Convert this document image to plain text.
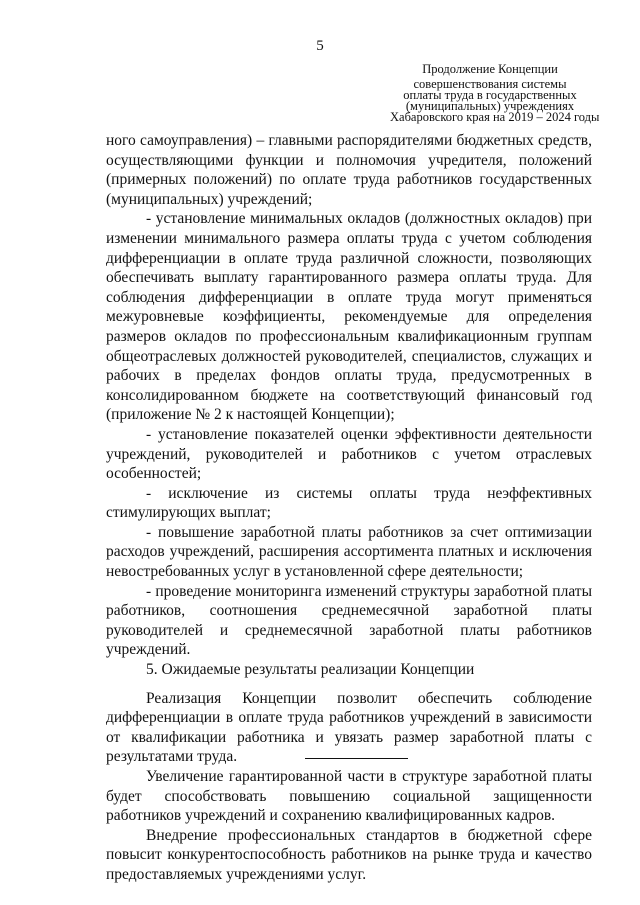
5
Продолжение Концепции
совершенствования системы
оплаты труда в государственных
(муниципальных) учреждениях
Хабаровского края на 2019 – 2024 годы

ного самоуправления) – главными распорядителями бюджетных средств, осуществляющими функции и полномочия учредителя, положений (примерных положений) по оплате труда работников государственных (муниципальных) учреждений;

- установление минимальных окладов (должностных окладов) при изменении минимального размера оплаты труда с учетом соблюдения дифференциации в оплате труда различной сложности, позволяющих обеспечивать выплату гарантированного размера оплаты труда. Для соблюдения дифференциации в оплате труда могут применяться межуровневые коэффициенты, рекомендуемые для определения размеров окладов по профессиональным квалификационным группам общеотраслевых должностей руководителей, специалистов, служащих и рабочих в пределах фондов оплаты труда, предусмотренных в консолидированном бюджете на соответствующий финансовый год (приложение № 2 к настоящей Концепции);

- установление показателей оценки эффективности деятельности учреждений, руководителей и работников с учетом отраслевых особенностей;

- исключение из системы оплаты труда неэффективных стимулирующих выплат;

- повышение заработной платы работников за счет оптимизации расходов учреждений, расширения ассортимента платных и исключения невостребованных услуг в установленной сфере деятельности;

- проведение мониторинга изменений структуры заработной платы работников, соотношения среднемесячной заработной платы руководителей и среднемесячной заработной платы работников учреждений.

5. Ожидаемые результаты реализации Концепции

Реализация Концепции позволит обеспечить соблюдение дифференциации в оплате труда работников учреждений в зависимости от квалификации работника и увязать размер заработной платы с результатами труда.

Увеличение гарантированной части в структуре заработной платы будет способствовать повышению социальной защищенности работников учреждений и сохранению квалифицированных кадров.

Внедрение профессиональных стандартов в бюджетной сфере повысит конкурентоспособность работников на рынке труда и качество предоставляемых учреждениями услуг.
